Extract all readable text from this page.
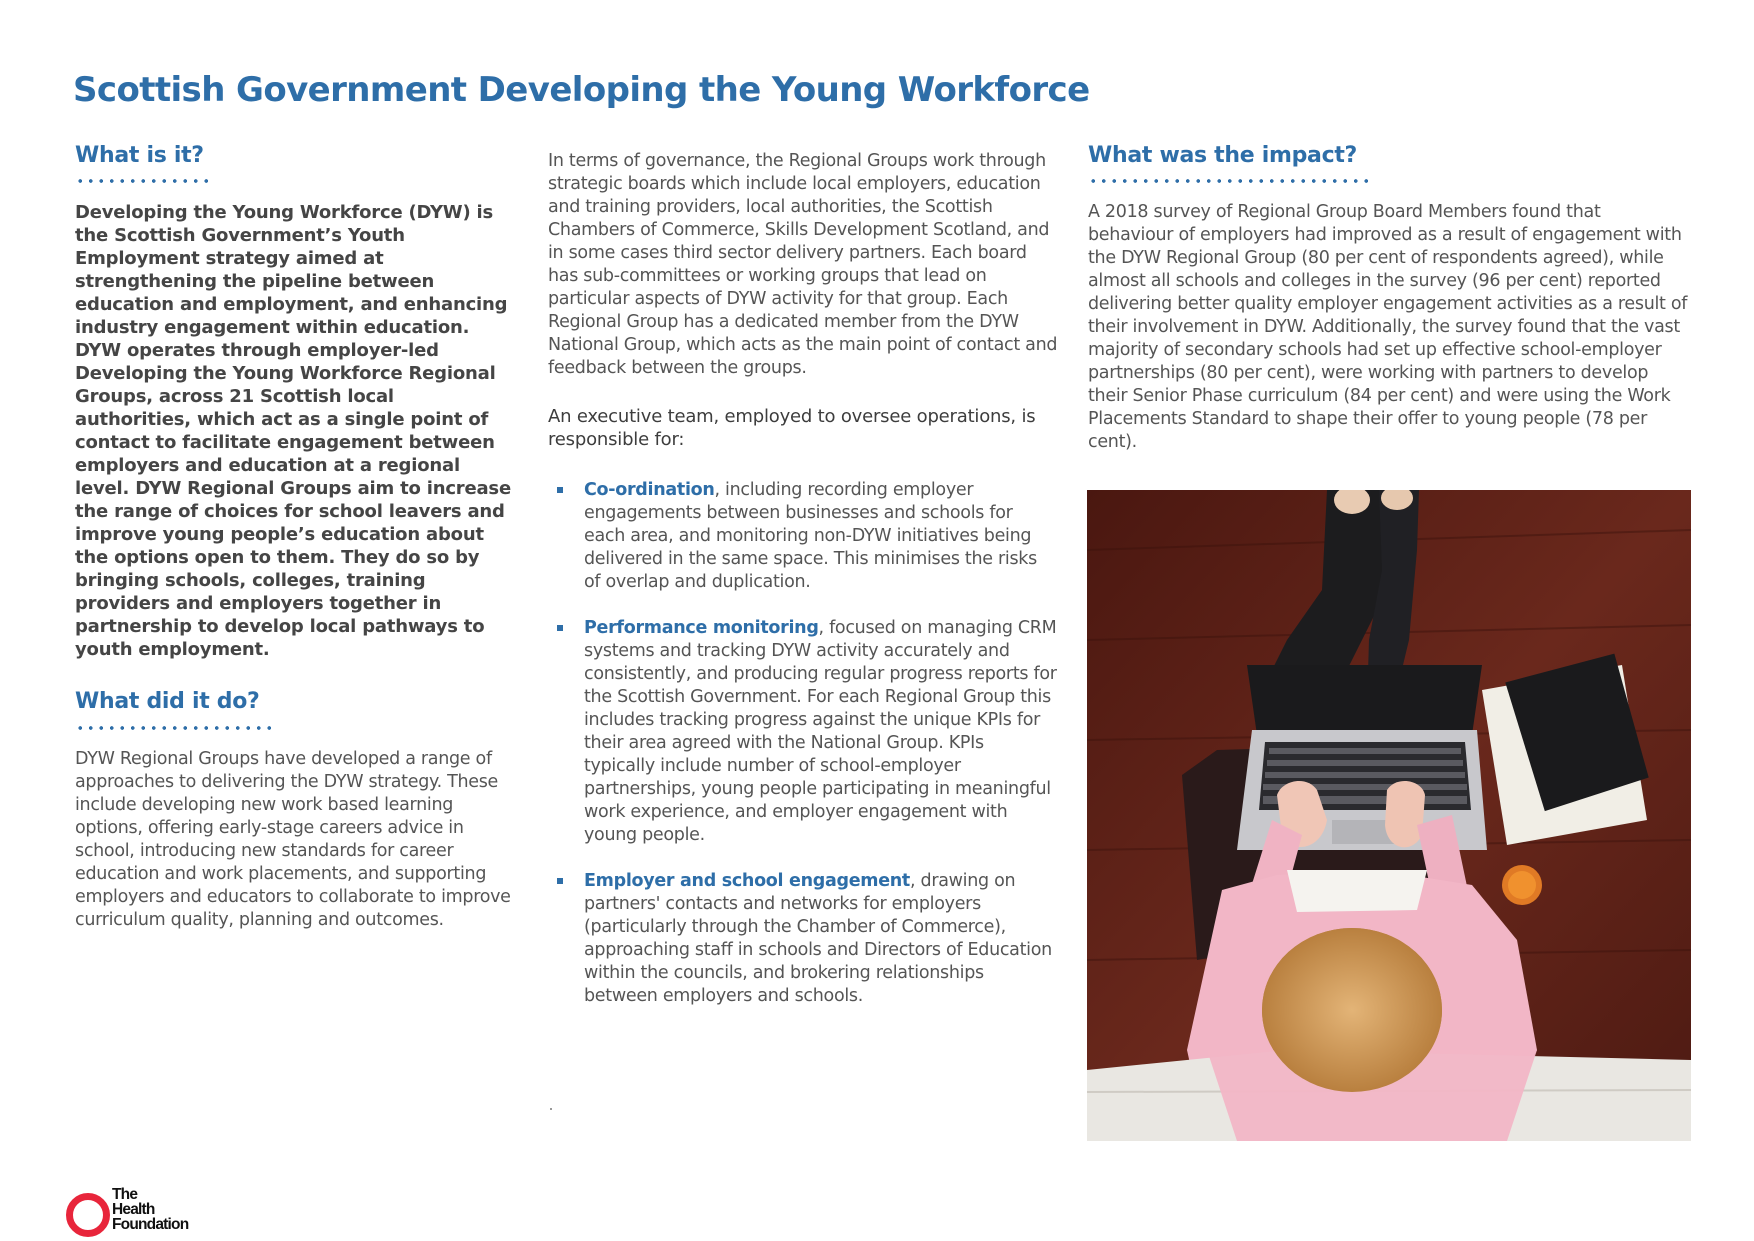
Scottish Government Developing the Young Workforce
What is it?

Developing the Young Workforce (DYW) is the Scottish Government’s Youth Employment strategy aimed at strengthening the pipeline between education and employment, and enhancing industry engagement within education. DYW operates through employer-led Developing the Young Workforce Regional Groups, across 21 Scottish local authorities, which act as a single point of contact to facilitate engagement between employers and education at a regional level. DYW Regional Groups aim to increase the range of choices for school leavers and improve young people’s education about the options open to them. They do so by bringing schools, colleges, training providers and employers together in partnership to develop local pathways to youth employment.

What did it do?

DYW Regional Groups have developed a range of approaches to delivering the DYW strategy. These include developing new work based learning options, offering early-stage careers advice in school, introducing new standards for career education and work placements, and supporting employers and educators to collaborate to improve curriculum quality, planning and outcomes.

In terms of governance, the Regional Groups work through strategic boards which include local employers, education and training providers, local authorities, the Scottish Chambers of Commerce, Skills Development Scotland, and in some cases third sector delivery partners. Each board has sub-committees or working groups that lead on particular aspects of DYW activity for that group. Each Regional Group has a dedicated member from the DYW National Group, which acts as the main point of contact and feedback between the groups.

An executive team, employed to oversee operations, is responsible for:

Co-ordination, including recording employer engagements between businesses and schools for each area, and monitoring non-DYW initiatives being delivered in the same space. This minimises the risks of overlap and duplication.
Performance monitoring, focused on managing CRM systems and tracking DYW activity accurately and consistently, and producing regular progress reports for the Scottish Government. For each Regional Group this includes tracking progress against the unique KPIs for their area agreed with the National Group. KPIs typically include number of school-employer partnerships, young people participating in meaningful work experience, and employer engagement with young people.
Employer and school engagement, drawing on partners' contacts and networks for employers (particularly through the Chamber of Commerce), approaching staff in schools and Directors of Education within the councils, and brokering relationships between employers and schools.
What was the impact?

A 2018 survey of Regional Group Board Members found that behaviour of employers had improved as a result of engagement with the DYW Regional Group (80 per cent of respondents agreed), while almost all schools and colleges in the survey (96 per cent) reported delivering better quality employer engagement activities as a result of their involvement in DYW. Additionally, the survey found that the vast majority of secondary schools had set up effective school-employer partnerships (80 per cent), were working with partners to develop their Senior Phase curriculum (84 per cent) and were using the Work Placements Standard to shape their offer to young people (78 per cent).

The
Health
Foundation
